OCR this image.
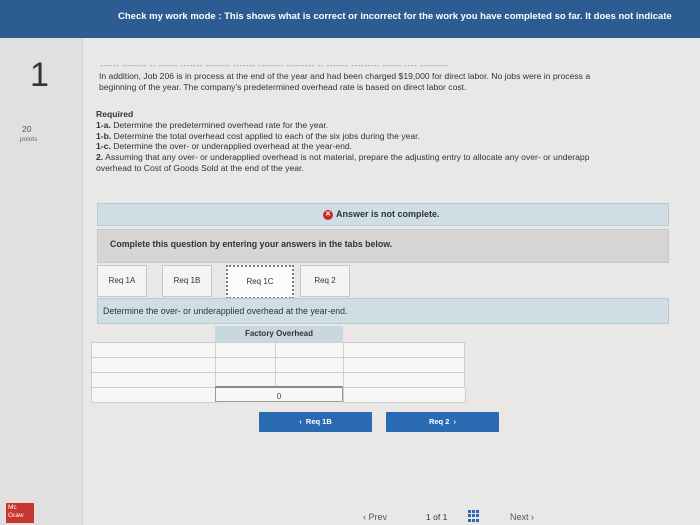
Check my work mode : This shows what is correct or incorrect for the work you have completed so far. It does not indicate
1
20
points
------ -------- -- ------ ------- -------- ------- -------- --------- -- ------- --------- ------ ---- ---------
In addition, Job 206 is in process at the end of the year and had been charged $19,000 for direct labor. No jobs were in process a
beginning of the year. The company's predetermined overhead rate is based on direct labor cost.
Required
1-a. Determine the predetermined overhead rate for the year.
1-b. Determine the total overhead cost applied to each of the six jobs during the year.
1-c. Determine the over- or underapplied overhead at the year-end.
2. Assuming that any over- or underapplied overhead is not material, prepare the adjusting entry to allocate any over- or underapp
overhead to Cost of Goods Sold at the end of the year.
✕ Answer is not complete.
Complete this question by entering your answers in the tabs below.
Req 1A	Req 1B	Req 1C	Req 2
Determine the over- or underapplied overhead at the year-end.
Factory Overhead
0
‹  Req 1B	Req 2  ›
Mc
Graw	‹ Prev	1 of 1	Next ›
